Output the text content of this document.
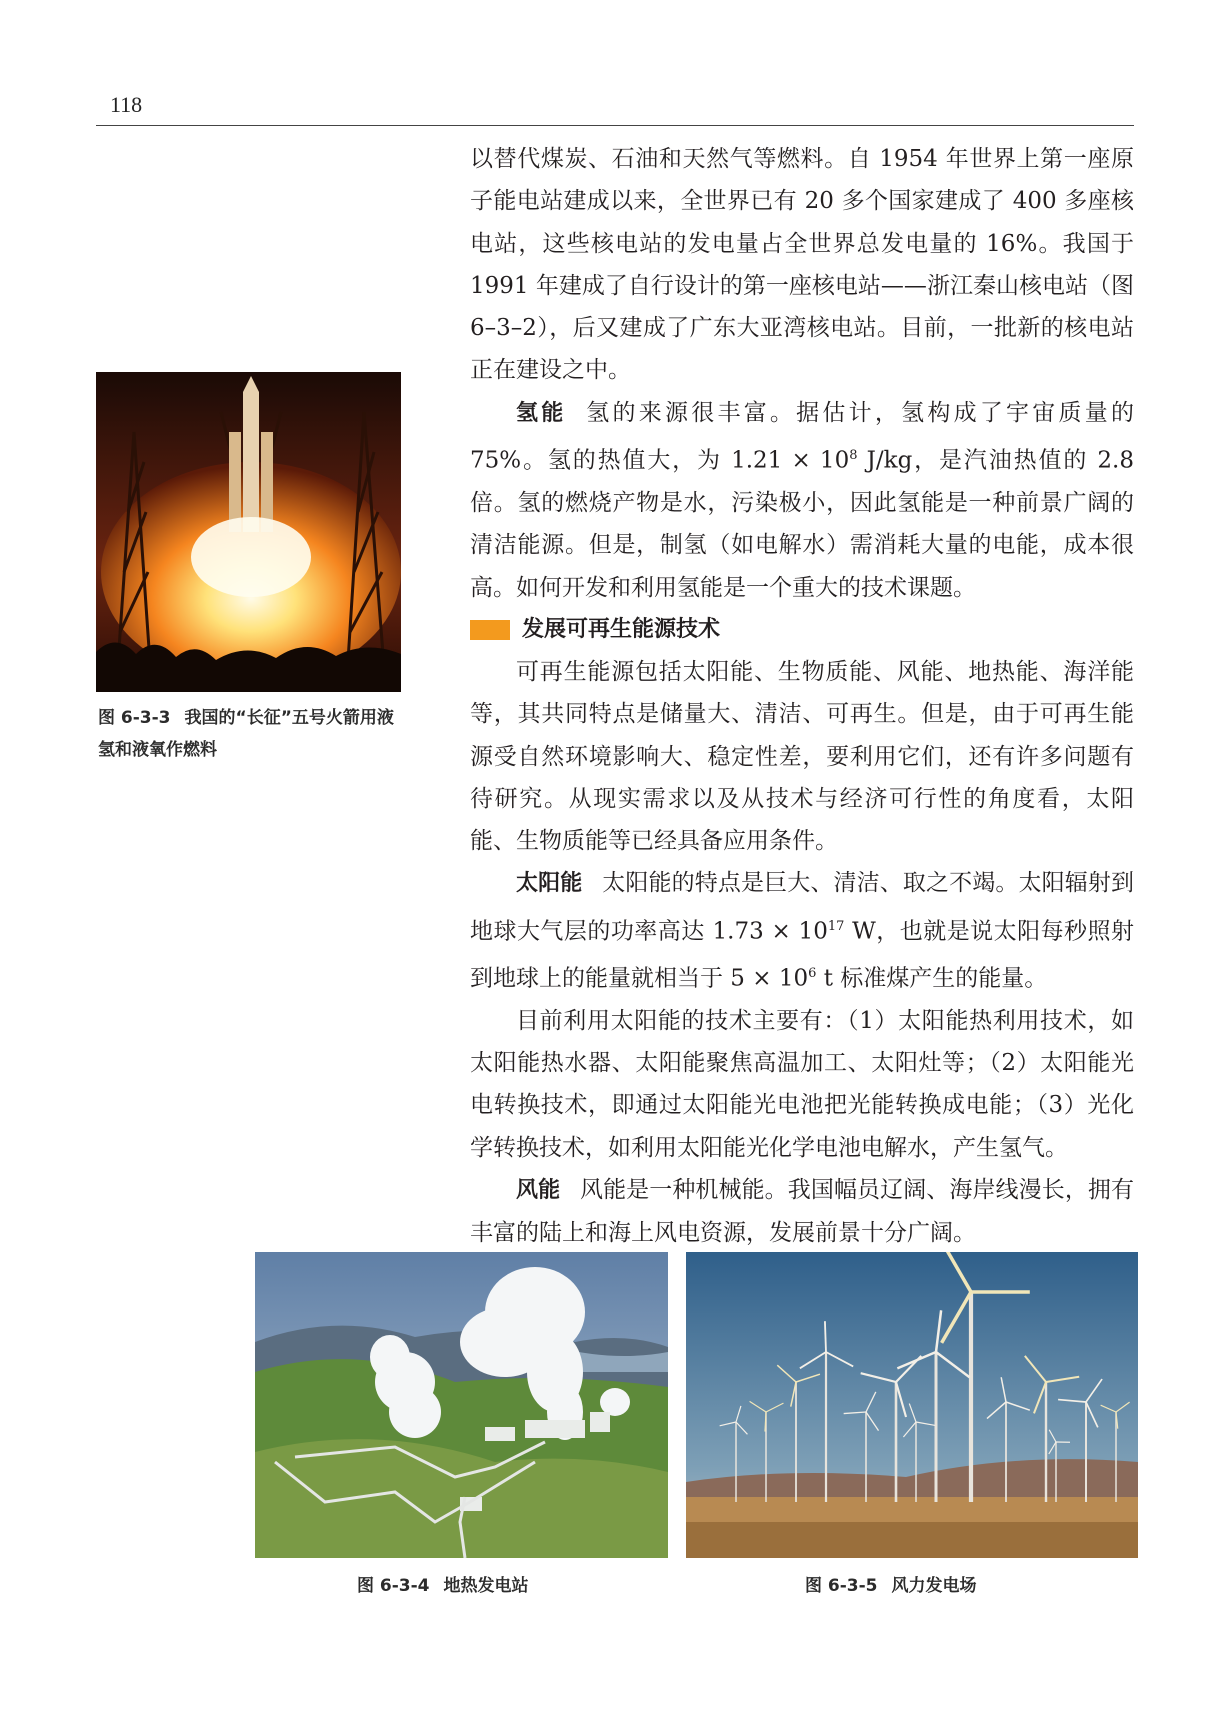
118
图 6-3-3 我国的“长征”五号火箭用液氢和液氧作燃料

以替代煤炭、石油和天然气等燃料。自 1954 年世界上第一座原子能电站建成以来，全世界已有 20 多个国家建成了 400 多座核电站，这些核电站的发电量占全世界总发电量的 16%。我国于 1991 年建成了自行设计的第一座核电站——浙江秦山核电站（图 6–3–2），后又建成了广东大亚湾核电站。目前，一批新的核电站正在建设之中。

氢能 氢的来源很丰富。据估计，氢构成了宇宙质量的 75%。氢的热值大，为 $1.21 \times 10^8$ J/kg，是汽油热值的 2.8 倍。氢的燃烧产物是水，污染极小，因此氢能是一种前景广阔的清洁能源。但是，制氢（如电解水）需消耗大量的电能，成本很高。如何开发和利用氢能是一个重大的技术课题。

发展可再生能源技术

可再生能源包括太阳能、生物质能、风能、地热能、海洋能等，其共同特点是储量大、清洁、可再生。但是，由于可再生能源受自然环境影响大、稳定性差，要利用它们，还有许多问题有待研究。从现实需求以及从技术与经济可行性的角度看，太阳能、生物质能等已经具备应用条件。

太阳能 太阳能的特点是巨大、清洁、取之不竭。太阳辐射到地球大气层的功率高达 $1.73 \times 10^{17}$ W，也就是说太阳每秒照射到地球上的能量就相当于 $5 \times 10^6$ t 标准煤产生的能量。

目前利用太阳能的技术主要有：（1）太阳能热利用技术，如太阳能热水器、太阳能聚焦高温加工、太阳灶等；（2）太阳能光电转换技术，即通过太阳能光电池把光能转换成电能；（3）光化学转换技术，如利用太阳能光化学电池电解水，产生氢气。

风能 风能是一种机械能。我国幅员辽阔、海岸线漫长，拥有丰富的陆上和海上风电资源，发展前景十分广阔。

图 6-3-4 地热发电站	图 6-3-5 风力发电场
